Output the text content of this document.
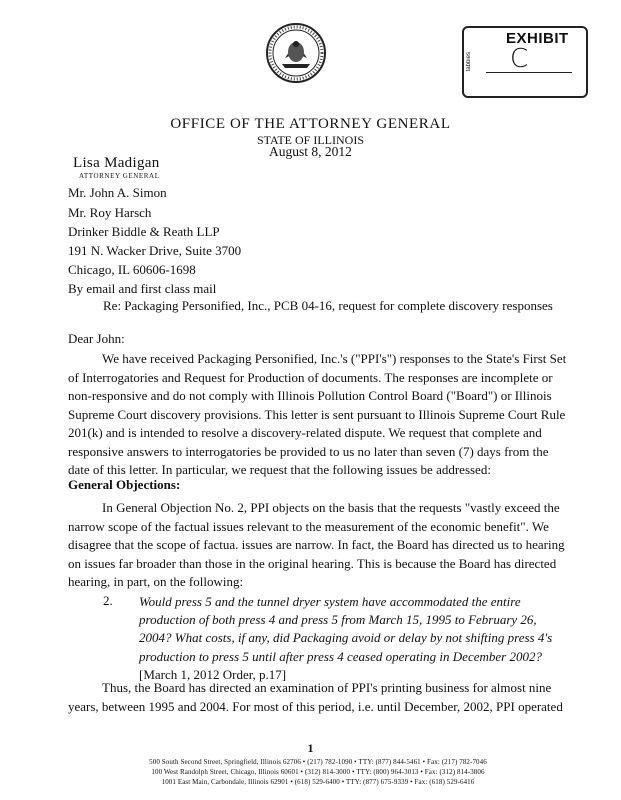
EXHIBIT
C
tabbies
OFFICE OF THE ATTORNEY GENERAL
STATE OF ILLINOIS
August 8, 2012
Lisa Madigan
ATTORNEY GENERAL
Mr. John A. Simon
Mr. Roy Harsch
Drinker Biddle & Reath LLP
191 N. Wacker Drive, Suite 3700
Chicago, IL 60606-1698
By email and first class mail
Re: Packaging Personified, Inc., PCB 04-16, request for complete discovery responses
Dear John:
We have received Packaging Personified, Inc.'s ("PPI's") responses to the State's First Set of Interrogatories and Request for Production of documents. The responses are incomplete or non-responsive and do not comply with Illinois Pollution Control Board ("Board") or Illinois Supreme Court discovery provisions. This letter is sent pursuant to Illinois Supreme Court Rule 201(k) and is intended to resolve a discovery-related dispute. We request that complete and responsive answers to interrogatories be provided to us no later than seven (7) days from the date of this letter. In particular, we request that the following issues be addressed:
General Objections:
In General Objection No. 2, PPI objects on the basis that the requests "vastly exceed the narrow scope of the factual issues relevant to the measurement of the economic benefit". We disagree that the scope of factua. issues are narrow. In fact, the Board has directed us to hearing on issues far broader than those in the original hearing. This is because the Board has directed hearing, in part, on the following:
2. Would press 5 and the tunnel dryer system have accommodated the entire production of both press 4 and press 5 from March 15, 1995 to February 26, 2004? What costs, if any, did Packaging avoid or delay by not shifting press 4's production to press 5 until after press 4 ceased operating in December 2002?
[March 1, 2012 Order, p.17]
Thus, the Board has directed an examination of PPI's printing business for almost nine years, between 1995 and 2004. For most of this period, i.e. until December, 2002, PPI operated
1
500 South Second Street, Springfield, Illinois 62706 • (217) 782-1090 • TTY: (877) 844-5461 • Fax: (217) 782-7046
100 West Randolph Street, Chicago, Illinois 60601 • (312) 814-3000 • TTY: (800) 964-3013 • Fax: (312) 814-3806
1001 East Main, Carbondale, Illinois 62901 • (618) 529-6400 • TTY: (877) 675-9339 • Fax: (618) 529-6416
